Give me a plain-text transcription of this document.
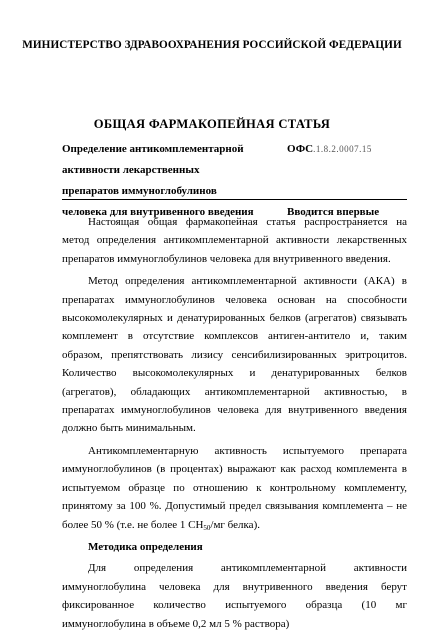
МИНИСТЕРСТВО ЗДРАВООХРАНЕНИЯ РОССИЙСКОЙ ФЕДЕРАЦИИ
ОБЩАЯ ФАРМАКОПЕЙНАЯ СТАТЬЯ
Определение антикомплементарной
активности лекарственных
препаратов иммуноглобулинов
человека для внутривенного введения
ОФС.1.8.2.0007.15
Вводится впервые

Настоящая общая фармакопейная статья распространяется на метод определения антикомплементарной активности лекарственных препаратов иммуноглобулинов человека для внутривенного введения.

Метод определения антикомплементарной активности (АКА) в препаратах иммуноглобулинов человека основан на способности высокомолекулярных и денатурированных белков (агрегатов) связывать комплемент в отсутствие комплексов антиген-антитело и, таким образом, препятствовать лизису сенсибилизированных эритроцитов. Количество высокомолекулярных и денатурированных белков (агрегатов), обладающих антикомплементарной активностью, в препаратах иммуноглобулинов человека для внутривенного введения должно быть минимальным.

Антикомплементарную активность испытуемого препарата иммуноглобулинов (в процентах) выражают как расход комплемента в испытуемом образце по отношению к контрольному комплементу, принятому за 100 %. Допустимый предел связывания комплемента – не более 50 % (т.е. не более 1 $CH_{50}/мг$ белка).

Методика определения

Для определения антикомплементарной активности иммуноглобулина человека для внутривенного введения берут фиксированное количество испытуемого образца (10 мг иммуноглобулина в объеме 0,2 мл 5 % раствора)
